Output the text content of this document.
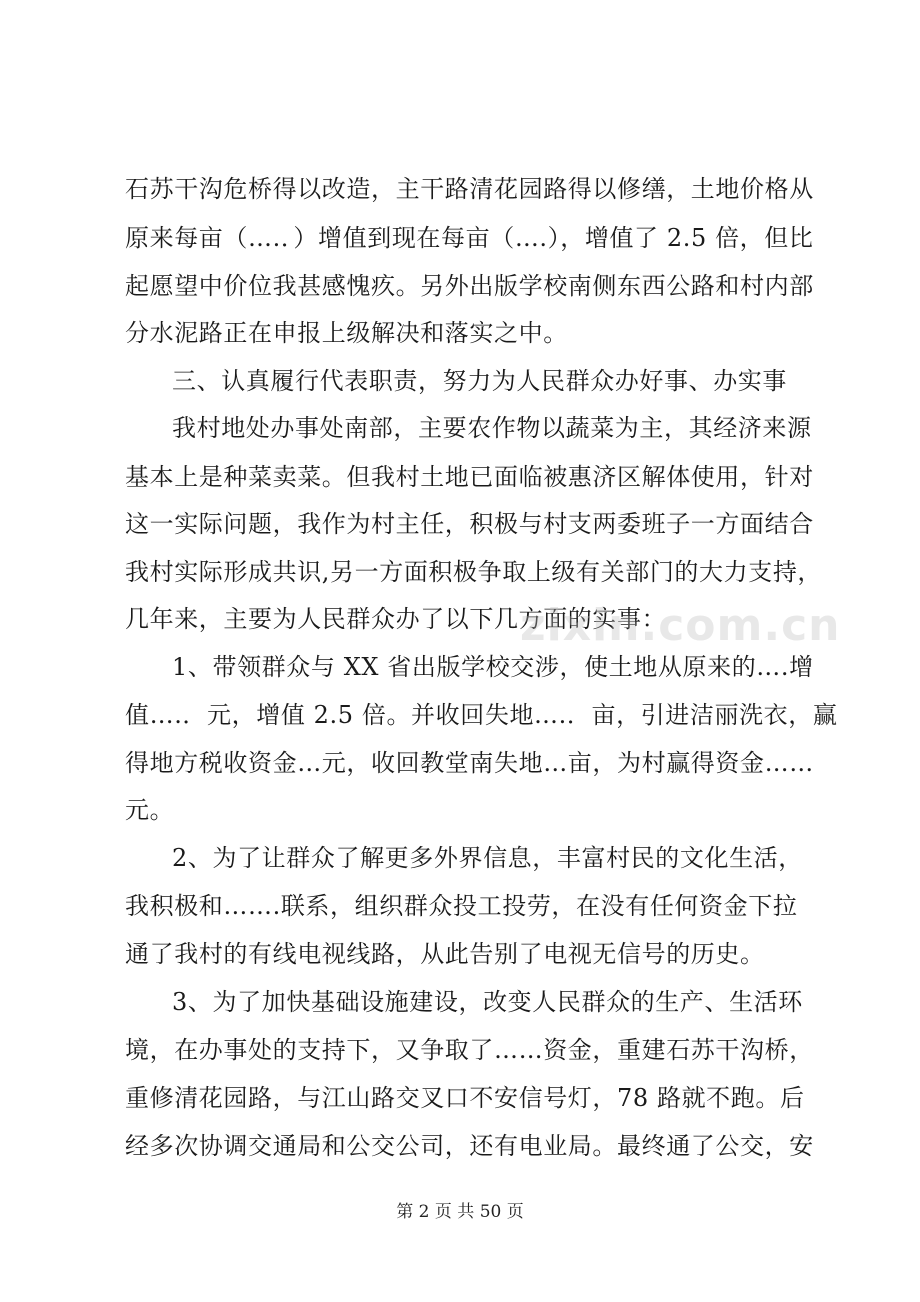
石苏干沟危桥得以改造，主干路清花园路得以修缮，土地价格从
原来每亩（….．）增值到现在每亩（….），增值了 2.5 倍，但比
起愿望中价位我甚感愧疚。另外出版学校南侧东西公路和村内部
分水泥路正在申报上级解决和落实之中。
三、认真履行代表职责，努力为人民群众办好事、办实事
我村地处办事处南部，主要农作物以蔬菜为主，其经济来源
基本上是种菜卖菜。但我村土地已面临被惠济区解体使用，针对
这一实际问题，我作为村主任，积极与村支两委班子一方面结合
我村实际形成共识,另一方面积极争取上级有关部门的大力支持，
几年来，主要为人民群众办了以下几方面的实事：
1、带领群众与 XX 省出版学校交涉，使土地从原来的….增
值….．元，增值 2.5 倍。并收回失地….．亩，引进洁丽洗衣，赢
得地方税收资金…元，收回教堂南失地…亩，为村赢得资金……
元。
2、为了让群众了解更多外界信息，丰富村民的文化生活，
我积极和…….联系，组织群众投工投劳，在没有任何资金下拉
通了我村的有线电视线路，从此告别了电视无信号的历史。
3、为了加快基础设施建设，改变人民群众的生产、生活环
境，在办事处的支持下，又争取了……资金，重建石苏干沟桥，
重修清花园路，与江山路交叉口不安信号灯，78 路就不跑。后
经多次协调交通局和公交公司，还有电业局。最终通了公交，安
zixin.com.cn
第 2 页 共 50 页
